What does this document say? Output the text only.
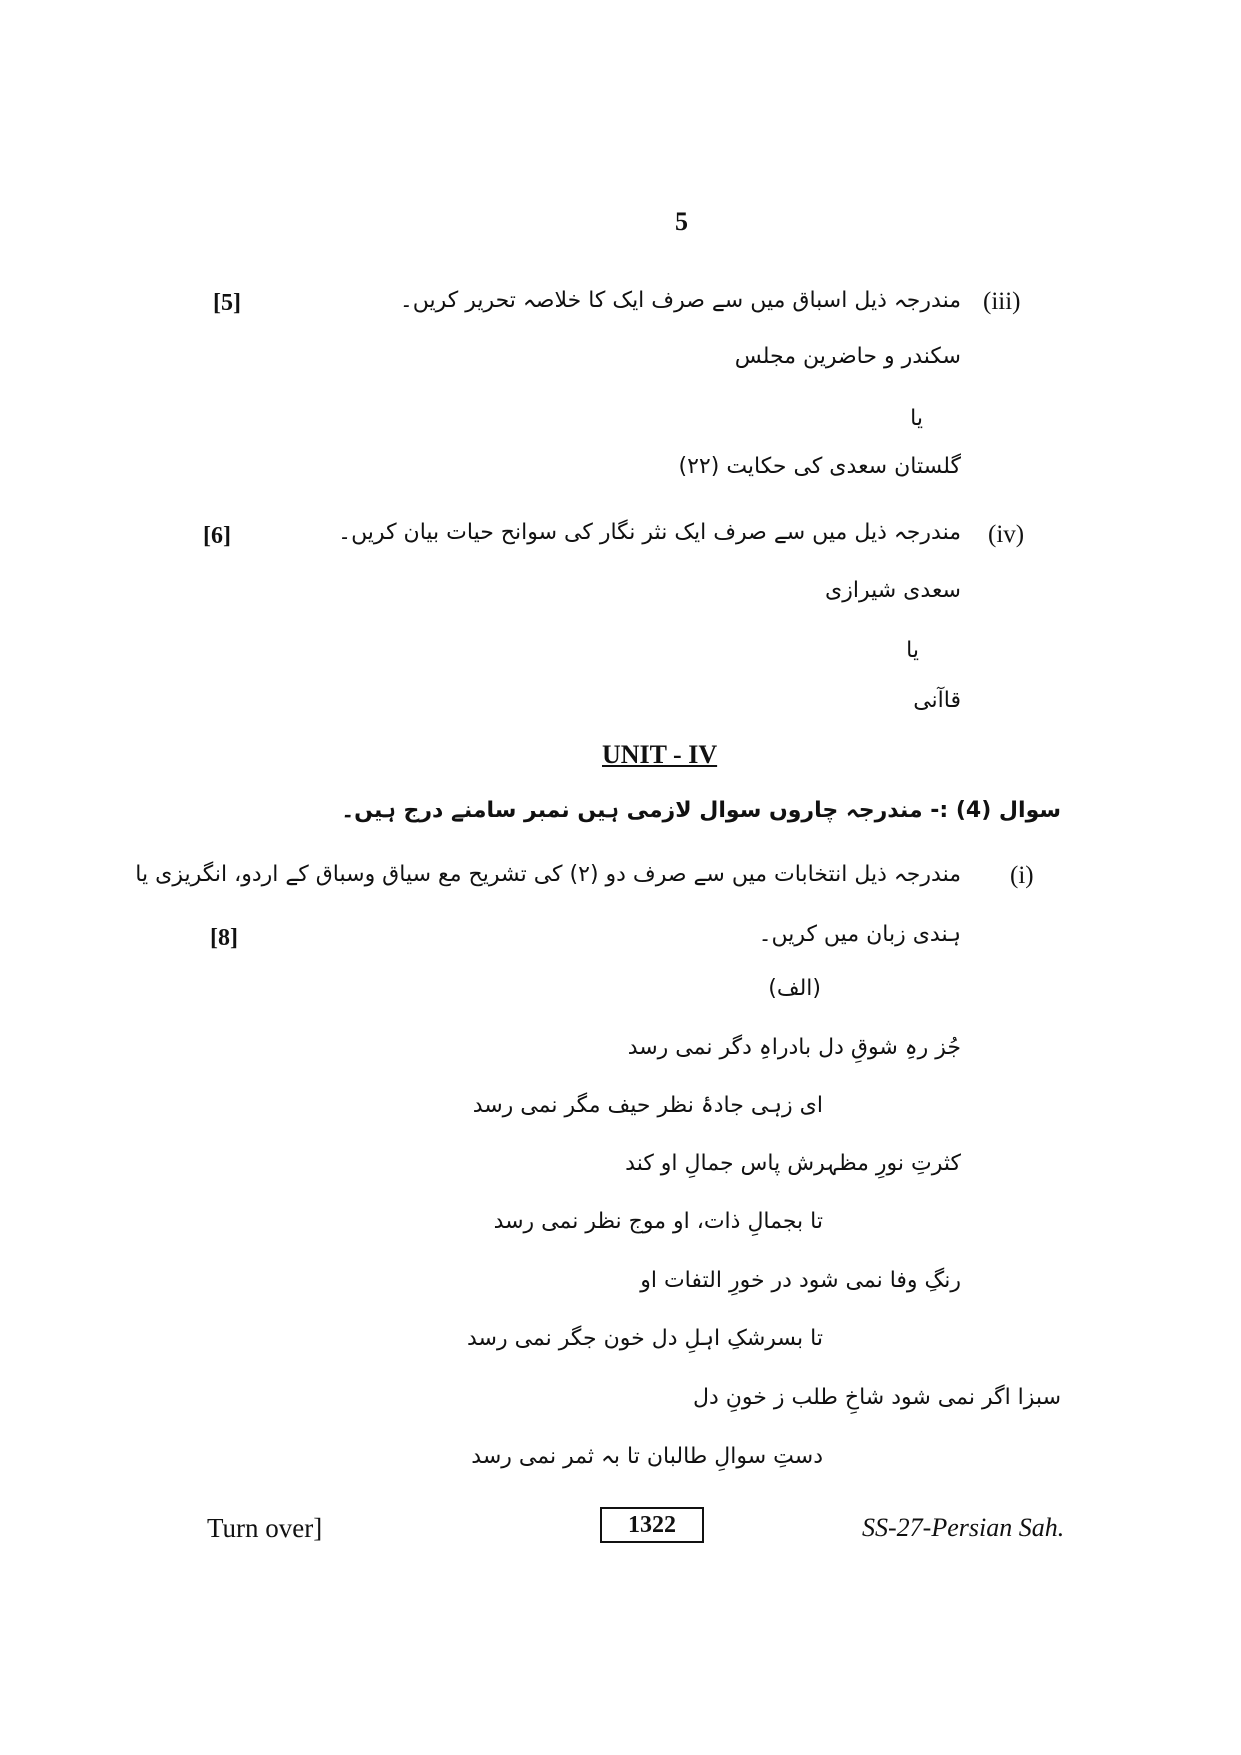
5
(iii)
[5]	مندرجہ ذیل اسباق میں سے صرف ایک کا خلاصہ تحریر کریں۔
سکندر و حاضرین مجلس
یا
گلستان سعدی کی حکایت (۲۲)
(iv)
[6]	مندرجہ ذیل میں سے صرف ایک نثر نگار کی سوانح حیات بیان کریں۔
سعدی شیرازی
یا
قاآنی
UNIT - IV
سوال (4) :- مندرجہ چاروں سوال لازمی ہیں نمبر سامنے درج ہیں۔
(i)
مندرجہ ذیل انتخابات میں سے صرف دو (۲) کی تشریح مع سیاق وسباق کے اردو، انگریزی یا
ہندی زبان میں کریں۔
[8]
(الف)
جُز رہِ شوقِ دل بادراہِ دگر نمی رسد
ای زہی جادۂ نظر حیف مگر نمی رسد
کثرتِ نورِ مظہرش پاس جمالِ او کند
تا بجمالِ ذات، او موج نظر نمی رسد
رنگِ وفا نمی شود در خورِ التفات او
تا بسرشکِ اہلِ دل خون جگر نمی رسد
سبزا اگر نمی شود شاخِ طلب ز خونِ دل
دستِ سوالِ طالبان تا بہ ثمر نمی رسد
Turn over]	1322	SS-27-Persian Sah.
